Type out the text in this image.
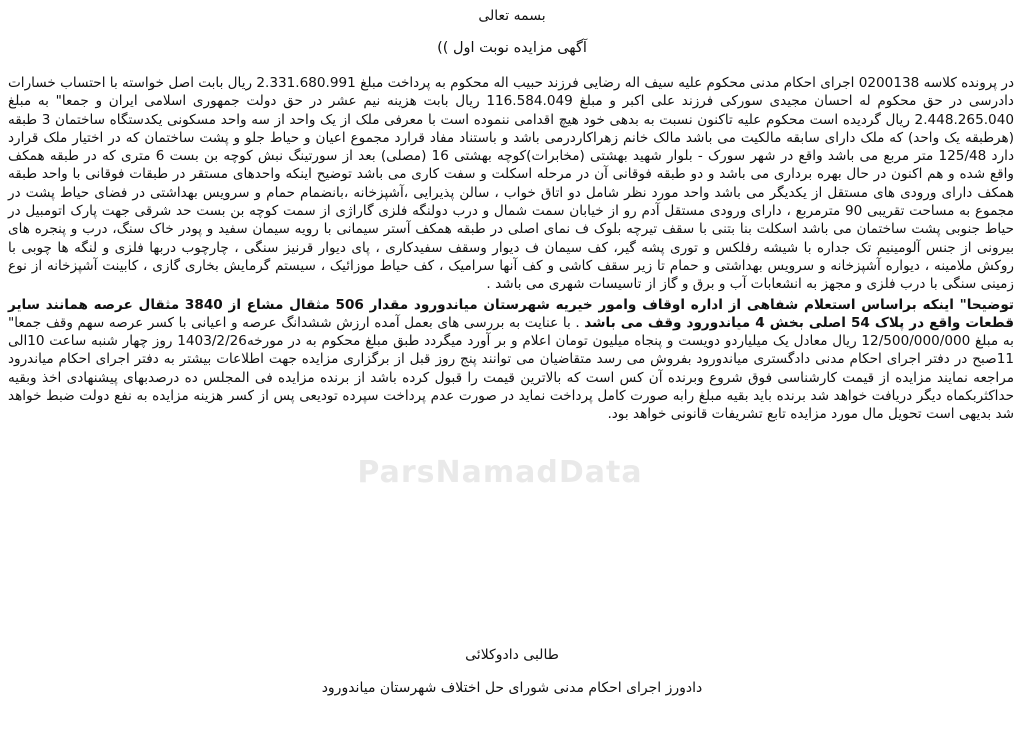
ParsNamadData
بسمه تعالی
آگهی مزایده نوبت اول ))

در پرونده کلاسه 0200138 اجرای احکام مدنی محکوم علیه سیف اله رضایی فرزند حبیب اله محکوم به پرداخت مبلغ 2.331.680.991 ریال بابت اصل خواسته با احتساب خسارات دادرسی در حق محکوم له احسان مجیدی سورکی فرزند علی اکبر و مبلغ 116.584.049 ریال بابت هزینه نیم عشر در حق دولت جمهوری اسلامی ایران و جمعا" به مبلغ 2.448.265.040 ریال گردیده است محکوم علیه تاکنون نسبت به بدهی خود هیچ اقدامی ننموده است با معرفی ملک از یک واحد از سه واحد مسکونی یکدستگاه ساختمان 3 طبقه (هرطبقه یک واحد) که ملک دارای سابقه مالکیت می باشد مالک خانم زهراکاردرمی باشد و باستناد مفاد قرارد مجموع اعیان و حیاط جلو و پشت ساختمان که در اختیار ملک قرارد دارد 125/48 متر مربع می باشد واقع در شهر سورک - بلوار شهید بهشتی (مخابرات)کوچه بهشتی 16 (مصلی) بعد از سورتینگ نبش کوچه بن بست 6 متری که در طبقه همکف واقع شده و هم اکنون در حال بهره برداری می باشد و دو طبقه فوقانی آن در مرحله اسکلت و سفت کاری می باشد توضیح اینکه واحدهای مستقر در طبقات فوقانی با واحد طبقه همکف دارای ورودی های مستقل از یکدیگر می باشد واحد مورد نظر شامل دو اتاق خواب ، سالن پذیرایی ،آشپزخانه ،بانضمام حمام و سرویس بهداشتی در فضای حیاط پشت در مجموع به مساحت تقریبی 90 مترمربع ، دارای ورودی مستقل آدم رو از خیابان سمت شمال و درب دولنگه فلزی گاراژی از سمت کوچه بن بست حد شرقی جهت پارک اتومبیل در حیاط جنوبی پشت ساختمان می باشد اسکلت بنا بتنی با سقف تیرچه بلوک ف نمای اصلی در طبقه همکف آستر سیمانی با رویه سیمان سفید و پودر خاک سنگ، درب و پنجره های بیرونی از جنس آلومینیم تک جداره با شیشه رفلکس و توری پشه گیر، کف سیمان ف دیوار وسقف سفیدکاری ، پای دیوار قرنیز سنگی ، چارچوب دربها فلزی و لنگه ها چوبی با روکش ملامینه ، دیواره آشپزخانه و سرویس بهداشتی و حمام تا زیر سقف کاشی و کف آنها سرامیک ، کف حیاط موزائیک ، سیستم گرمایش بخاری گازی ، کابینت آشپزخانه از نوع زمینی سنگی با درب فلزی و مجهز به انشعابات آب و برق و گاز از تاسیسات شهری می باشد .

توضیحا" اینکه براساس استعلام شفاهی از اداره اوقاف وامور خیریه شهرستان میاندورود مقدار 506 مثقال مشاع از 3840 مثقال عرصه همانند سایر قطعات واقع در پلاک 54 اصلی بخش 4 میاندورود وقف می باشد . با عنایت به بررسی های بعمل آمده ارزش ششدانگ عرصه و اعیانی با کسر عرصه سهم وقف جمعا" به مبلغ 12/500/000/000 ریال معادل یک میلیاردو دویست و پنجاه میلیون تومان اعلام و بر آورد میگردد طبق مبلغ محکوم به در مورخه1403/2/26 روز چهار شنبه ساعت 10الی 11صبح در دفتر اجرای احکام مدنی دادگستری میاندورود بفروش می رسد متقاضیان می توانند پنج روز قبل از برگزاری مزایده جهت اطلاعات بیشتر به دفتر اجرای احکام میاندرود مراجعه نمایند مزایده از قیمت کارشناسی فوق شروع وبرنده آن کس است که بالاترین قیمت را قبول کرده باشد از برنده مزایده فی المجلس ده درصدبهای پیشنهادی اخذ وبقیه حداکثربکماه دیگر دریافت خواهد شد برنده باید بقیه مبلغ رابه صورت کامل پرداخت نماید در صورت عدم پرداخت سپرده تودیعی پس از کسر هزینه مزایده به نفع دولت ضبط خواهد شد بدیهی است تحویل مال مورد مزایده تابع تشریفات قانونی خواهد بود.

طالبی دادوکلائی
دادورز اجرای احکام مدنی شورای حل اختلاف شهرستان میاندورود
